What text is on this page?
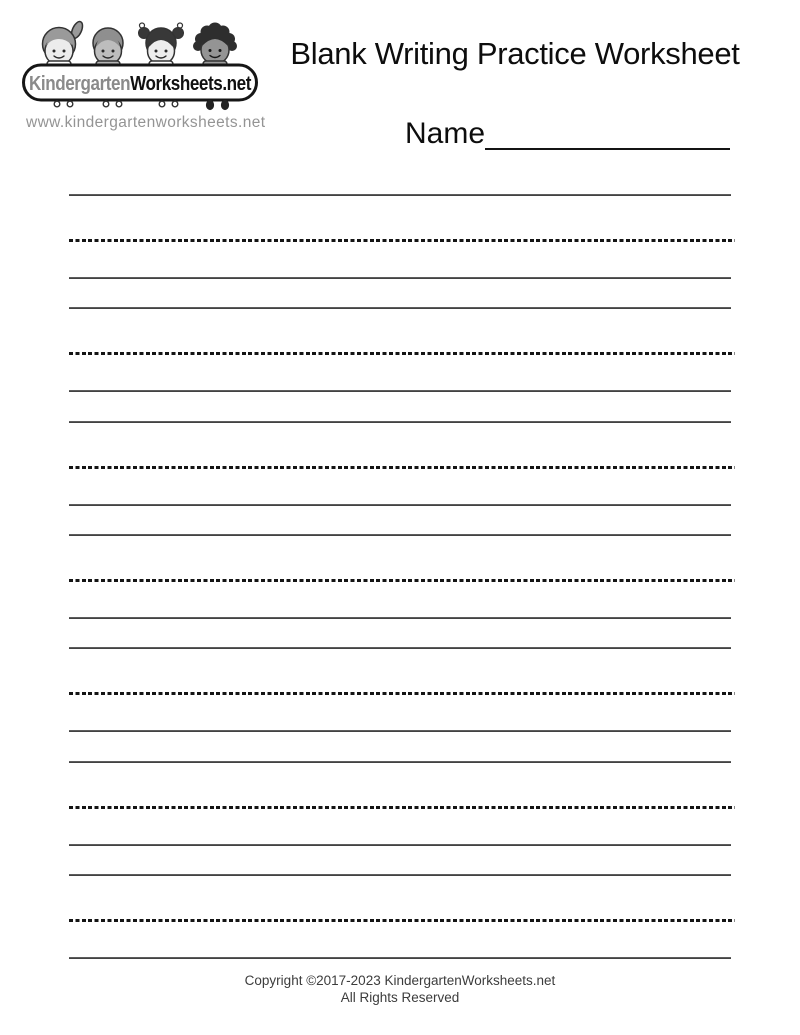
KindergartenWorksheets.net
www.kindergartenworksheets.net
Blank Writing Practice Worksheet
Name
Copyright ©2017-2023 KindergartenWorksheets.net
All Rights Reserved
